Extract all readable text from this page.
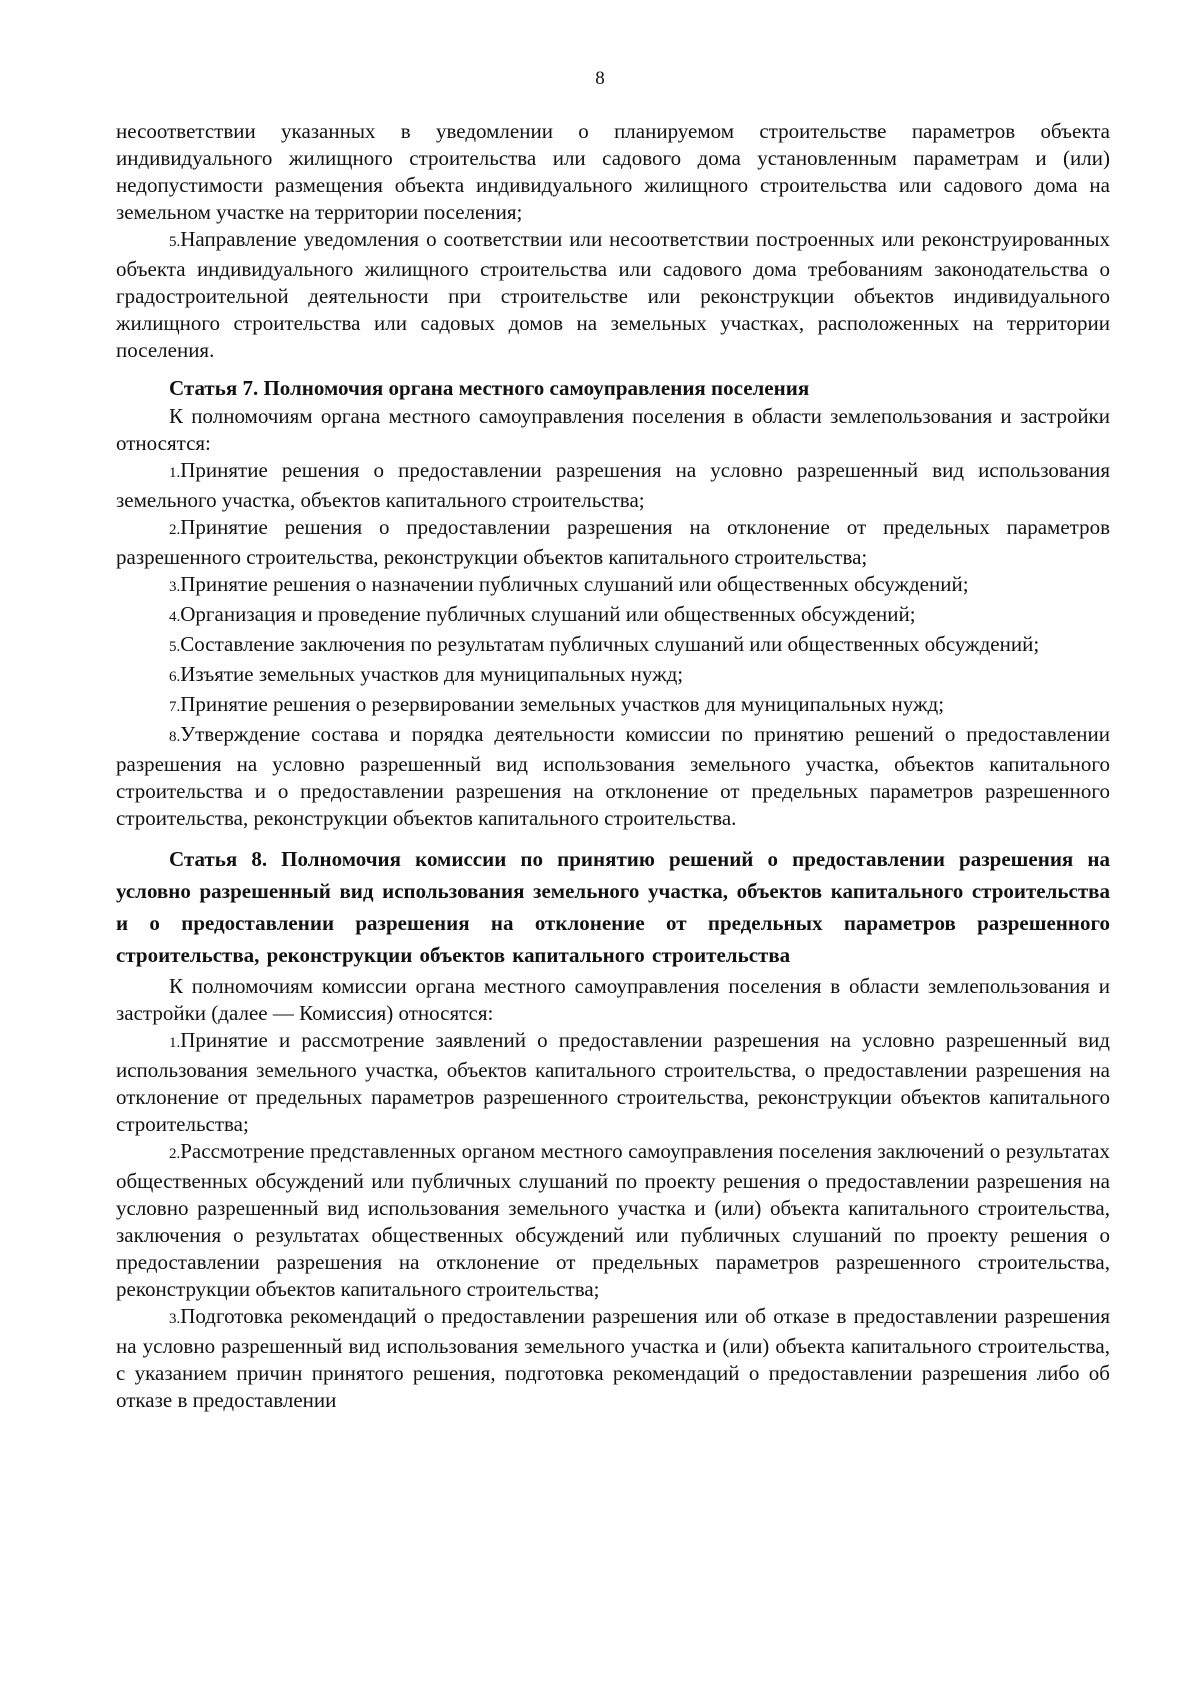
8

несоответствии указанных в уведомлении о планируемом строительстве параметров объекта индивидуального жилищного строительства или садового дома установленным параметрам и (или) недопустимости размещения объекта индивидуального жилищного строительства или садового дома на земельном участке на территории поселения;

5.Направление уведомления о соответствии или несоответствии построенных или реконструированных объекта индивидуального жилищного строительства или садового дома требованиям законодательства о градостроительной деятельности при строительстве или реконструкции объектов индивидуального жилищного строительства или садовых домов на земельных участках, расположенных на территории поселения.

Статья 7. Полномочия органа местного самоуправления поселения

К полномочиям органа местного самоуправления поселения в области землепользования и застройки относятся:

1.Принятие решения о предоставлении разрешения на условно разрешенный вид использования земельного участка, объектов капитального строительства;

2.Принятие решения о предоставлении разрешения на отклонение от предельных параметров разрешенного строительства, реконструкции объектов капитального строительства;

3.Принятие решения о назначении публичных слушаний или общественных обсуждений;

4.Организация и проведение публичных слушаний или общественных обсуждений;

5.Составление заключения по результатам публичных слушаний или общественных обсуждений;

6.Изъятие земельных участков для муниципальных нужд;

7.Принятие решения о резервировании земельных участков для муниципальных нужд;

8.Утверждение состава и порядка деятельности комиссии по принятию решений о предоставлении разрешения на условно разрешенный вид использования земельного участка, объектов капитального строительства и о предоставлении разрешения на отклонение от предельных параметров разрешенного строительства, реконструкции объектов капитального строительства.

Статья 8. Полномочия комиссии по принятию решений о предоставлении разрешения на условно разрешенный вид использования земельного участка, объектов капитального строительства и о предоставлении разрешения на отклонение от предельных параметров разрешенного строительства, реконструкции объектов капитального строительства

К полномочиям комиссии органа местного самоуправления поселения в области землепользования и застройки (далее — Комиссия) относятся:

1.Принятие и рассмотрение заявлений о предоставлении разрешения на условно разрешенный вид использования земельного участка, объектов капитального строительства, о предоставлении разрешения на отклонение от предельных параметров разрешенного строительства, реконструкции объектов капитального строительства;

2.Рассмотрение представленных органом местного самоуправления поселения заключений о результатах общественных обсуждений или публичных слушаний по проекту решения о предоставлении разрешения на условно разрешенный вид использования земельного участка и (или) объекта капитального строительства, заключения о результатах общественных обсуждений или публичных слушаний по проекту решения о предоставлении разрешения на отклонение от предельных параметров разрешенного строительства, реконструкции объектов капитального строительства;

3.Подготовка рекомендаций о предоставлении разрешения или об отказе в предоставлении разрешения на условно разрешенный вид использования земельного участка и (или) объекта капитального строительства, с указанием причин принятого решения, подготовка рекомендаций о предоставлении разрешения либо об отказе в предоставлении
